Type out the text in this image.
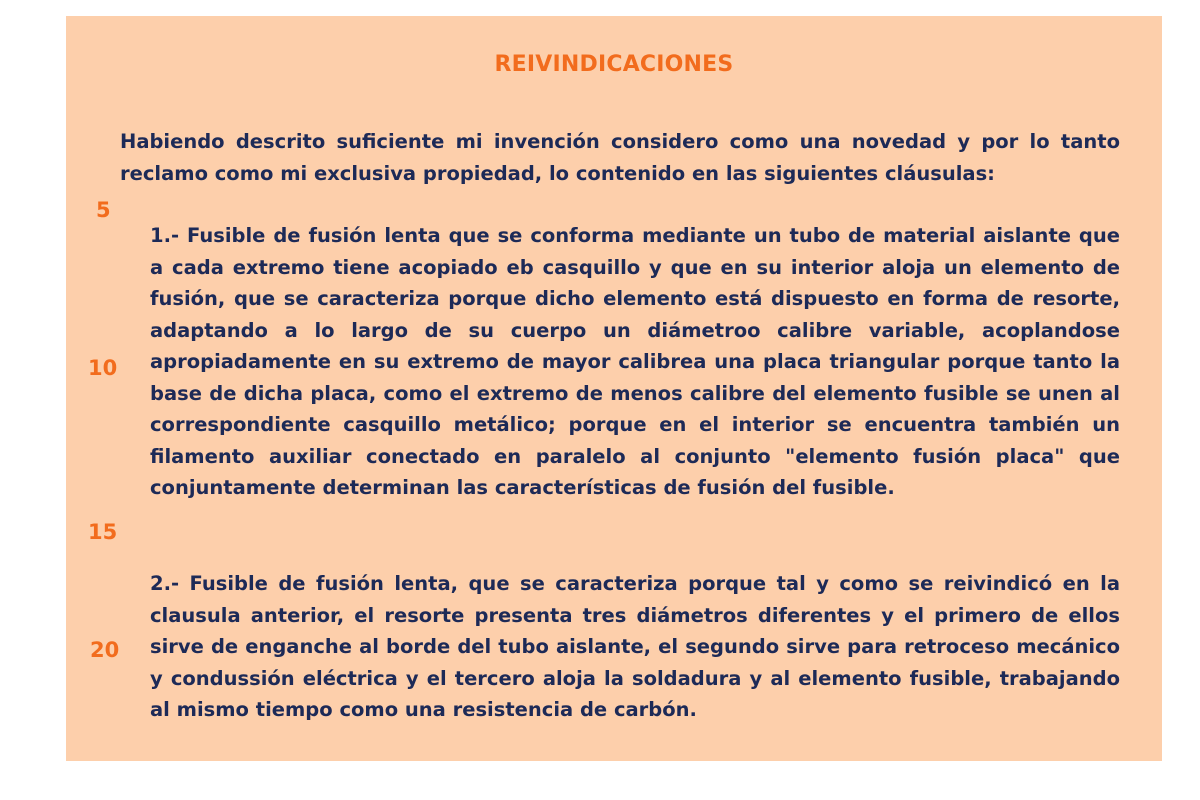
REIVINDICACIONES
Habiendo descrito suficiente mi invención considero como una novedad y por lo tanto reclamo como mi exclusiva propiedad, lo contenido en las siguientes cláusulas:
1.- Fusible de fusión lenta que se conforma mediante un tubo de material aislante que a cada extremo tiene acopiado eb casquillo y que en su interior aloja un elemento de fusión, que se caracteriza porque dicho elemento está dispuesto en forma de resorte, adaptando a lo largo de su cuerpo un diámetroo calibre variable, acoplandose apropiadamente en su extremo de mayor calibrea una placa triangular porque tanto la base de dicha placa, como el extremo de menos calibre del elemento fusible se unen al correspondiente casquillo metálico; porque en el interior se encuentra también un filamento auxiliar conectado en paralelo al conjunto "elemento fusión placa" que conjuntamente determinan las características de fusión del fusible.
2.- Fusible de fusión lenta, que se caracteriza porque tal y como se reivindicó en la clausula anterior, el resorte presenta tres diámetros diferentes y el primero de ellos sirve de enganche al borde del tubo aislante, el segundo sirve para retroceso mecánico y condussión eléctrica y el tercero aloja la soldadura y al elemento fusible, trabajando al mismo tiempo como una resistencia de carbón.
5
10
15
20
